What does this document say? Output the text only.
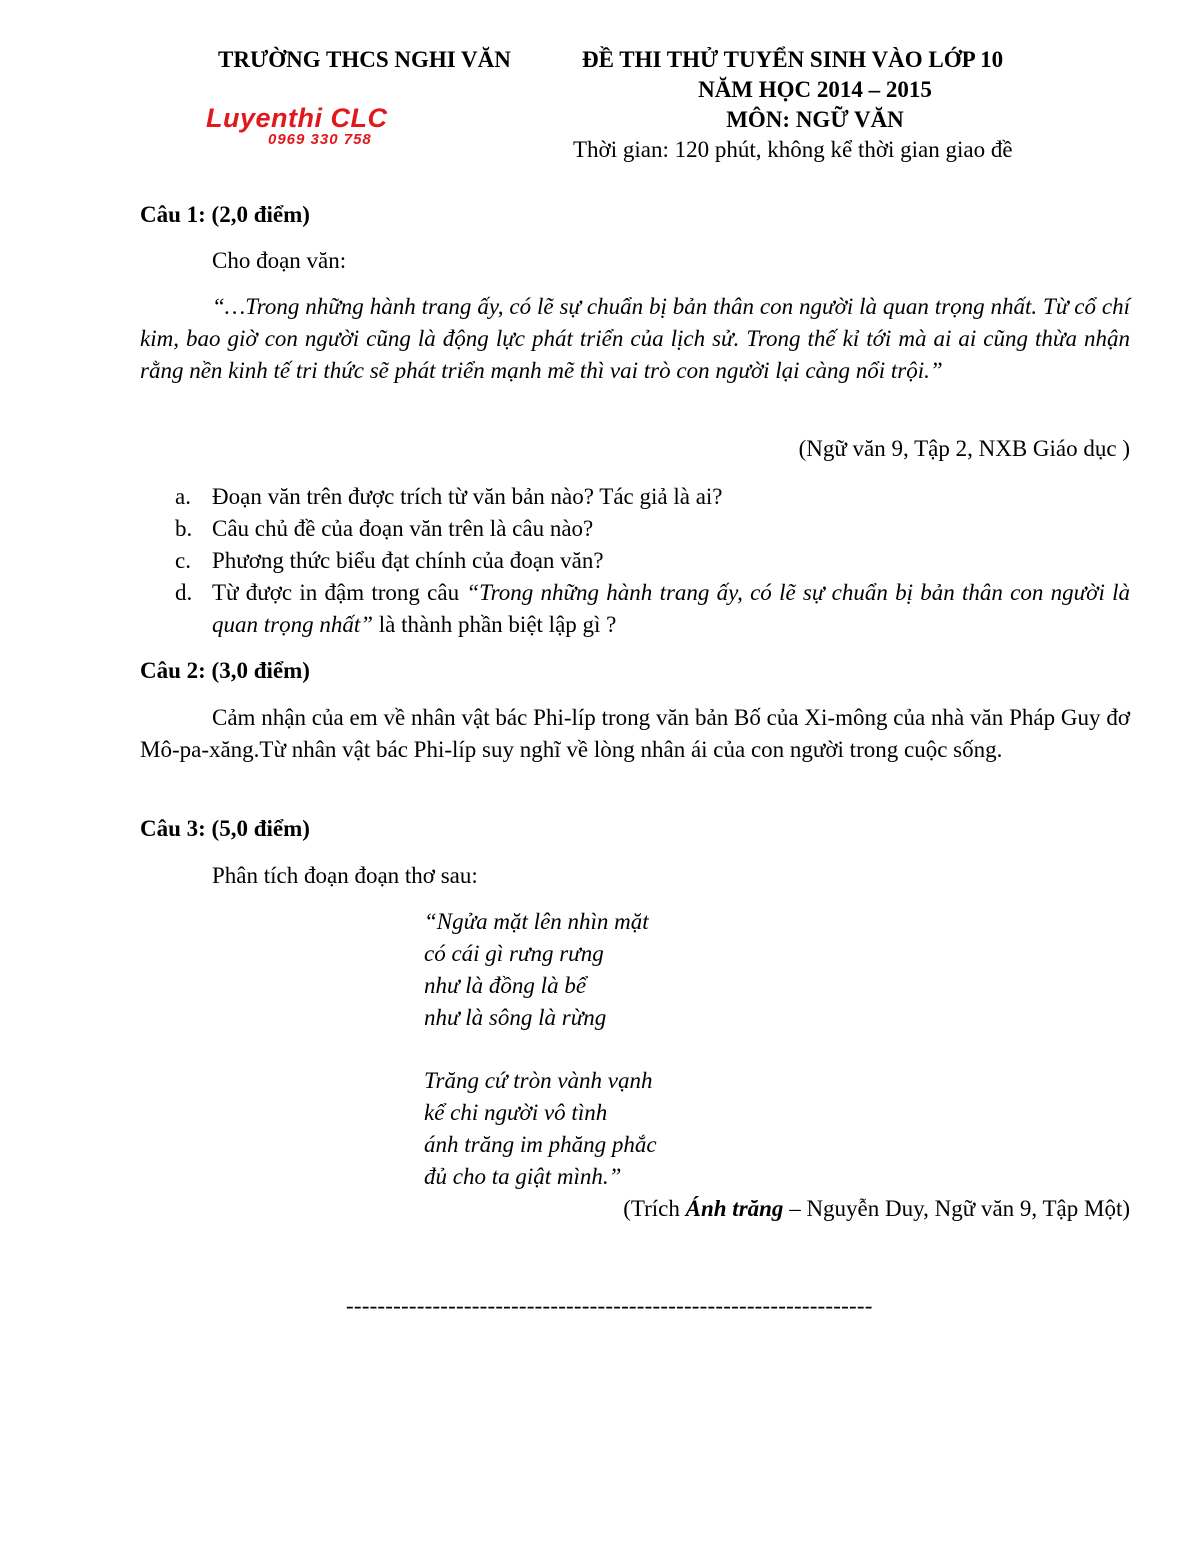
TRƯỜNG THCS NGHI VĂN	ĐỀ THI THỬ TUYỂN SINH VÀO LỚP 10
NĂM HỌC 2014 – 2015
MÔN: NGỮ VĂN
Thời gian: 120 phút, không kể thời gian giao đề
Luyenthi CLC
0969 330 758
Câu 1: (2,0 điểm)
Cho đoạn văn:

“…Trong những hành trang ấy, có lẽ sự chuẩn bị bản thân con người là quan trọng nhất. Từ cổ chí kim, bao giờ con người cũng là động lực phát triển của lịch sử. Trong thế kỉ tới mà ai ai cũng thừa nhận rằng nền kinh tế tri thức sẽ phát triển mạnh mẽ thì vai trò con người lại càng nổi trội.”

(Ngữ văn 9, Tập 2, NXB Giáo dục )
a. Đoạn văn trên được trích từ văn bản nào? Tác giả là ai?
b. Câu chủ đề của đoạn văn trên là câu nào?
c. Phương thức biểu đạt chính của đoạn văn?
d. Từ được in đậm trong câu “Trong những hành trang ấy, có lẽ sự chuẩn bị bản thân con người là quan trọng nhất” là thành phần biệt lập gì ?
Câu 2: (3,0 điểm)

Cảm nhận của em về nhân vật bác Phi-líp trong văn bản Bố của Xi-mông của nhà văn Pháp Guy đơ Mô-pa-xăng.Từ nhân vật bác Phi-líp suy nghĩ về lòng nhân ái của con người trong cuộc sống.

Câu 3: (5,0 điểm)
Phân tích đoạn đoạn thơ sau:

“Ngửa mặt lên nhìn mặt

có cái gì rưng rưng

như là đồng là bể

như là sông là rừng

Trăng cứ tròn vành vạnh

kể chi người vô tình

ánh trăng im phăng phắc

đủ cho ta giật mình.”

(Trích Ánh trăng – Nguyễn Duy, Ngữ văn 9, Tập Một)
-------------------------------------------------------------------
